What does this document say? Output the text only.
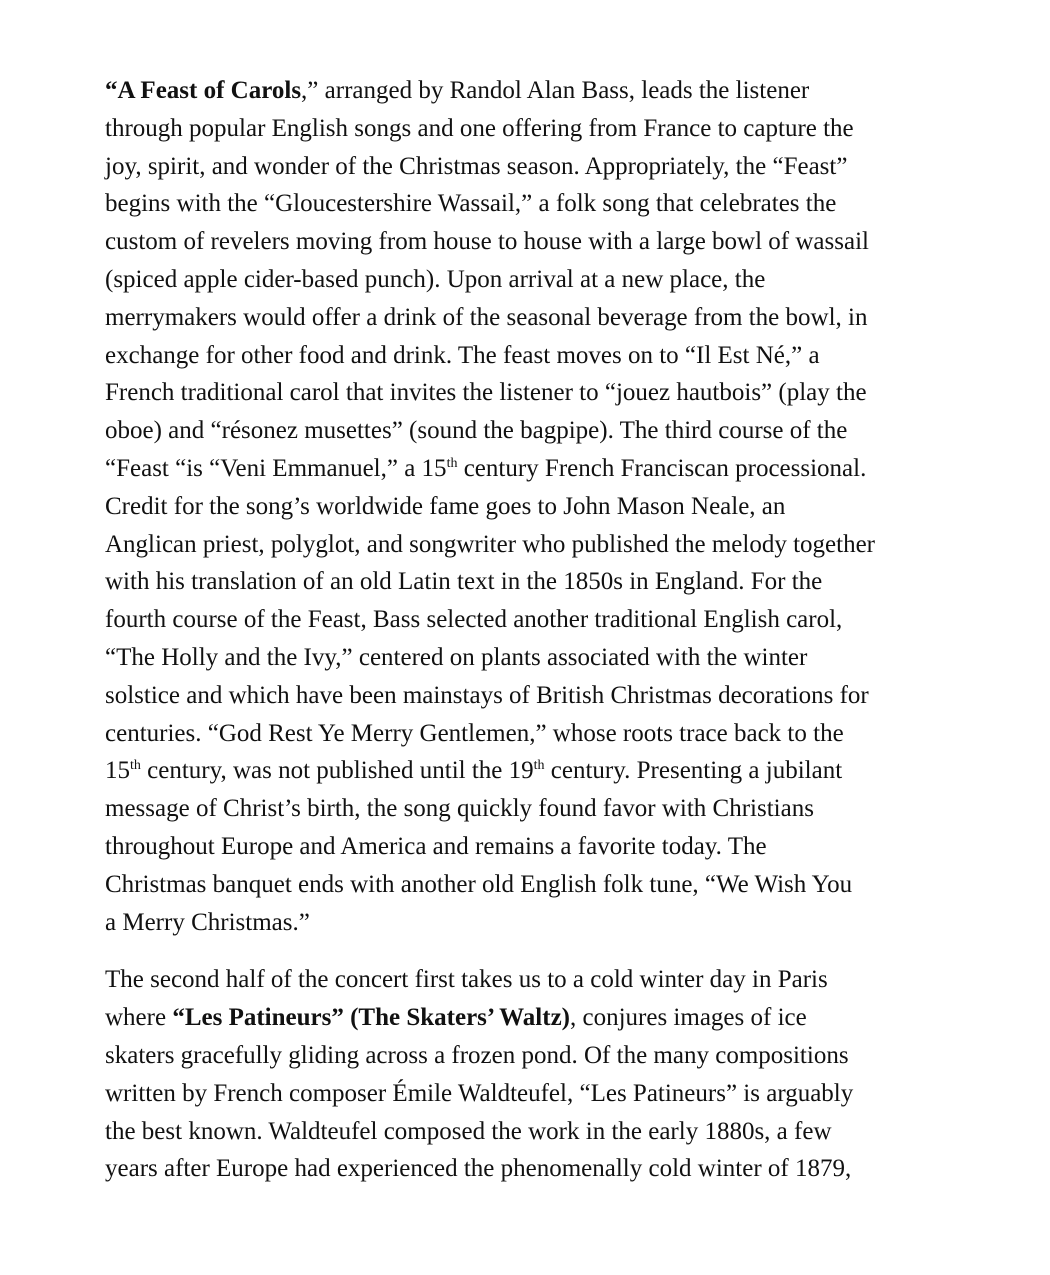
“A Feast of Carols,” arranged by Randol Alan Bass, leads the listener
through popular English songs and one offering from France to capture the
joy, spirit, and wonder of the Christmas season. Appropriately, the “Feast”
begins with the “Gloucestershire Wassail,” a folk song that celebrates the
custom of revelers moving from house to house with a large bowl of wassail
(spiced apple cider-based punch). Upon arrival at a new place, the
merrymakers would offer a drink of the seasonal beverage from the bowl, in
exchange for other food and drink. The feast moves on to “Il Est Né,” a
French traditional carol that invites the listener to “jouez hautbois” (play the
oboe) and “résonez musettes” (sound the bagpipe). The third course of the
“Feast “is “Veni Emmanuel,” a 15th century French Franciscan processional.
Credit for the song’s worldwide fame goes to John Mason Neale, an
Anglican priest, polyglot, and songwriter who published the melody together
with his translation of an old Latin text in the 1850s in England. For the
fourth course of the Feast, Bass selected another traditional English carol,
“The Holly and the Ivy,” centered on plants associated with the winter
solstice and which have been mainstays of British Christmas decorations for
centuries. “God Rest Ye Merry Gentlemen,” whose roots trace back to the
15th century, was not published until the 19th century. Presenting a jubilant
message of Christ’s birth, the song quickly found favor with Christians
throughout Europe and America and remains a favorite today. The
Christmas banquet ends with another old English folk tune, “We Wish You
a Merry Christmas.”
The second half of the concert first takes us to a cold winter day in Paris
where “Les Patineurs” (The Skaters’ Waltz), conjures images of ice
skaters gracefully gliding across a frozen pond. Of the many compositions
written by French composer Émile Waldteufel, “Les Patineurs” is arguably
the best known. Waldteufel composed the work in the early 1880s, a few
years after Europe had experienced the phenomenally cold winter of 1879,
